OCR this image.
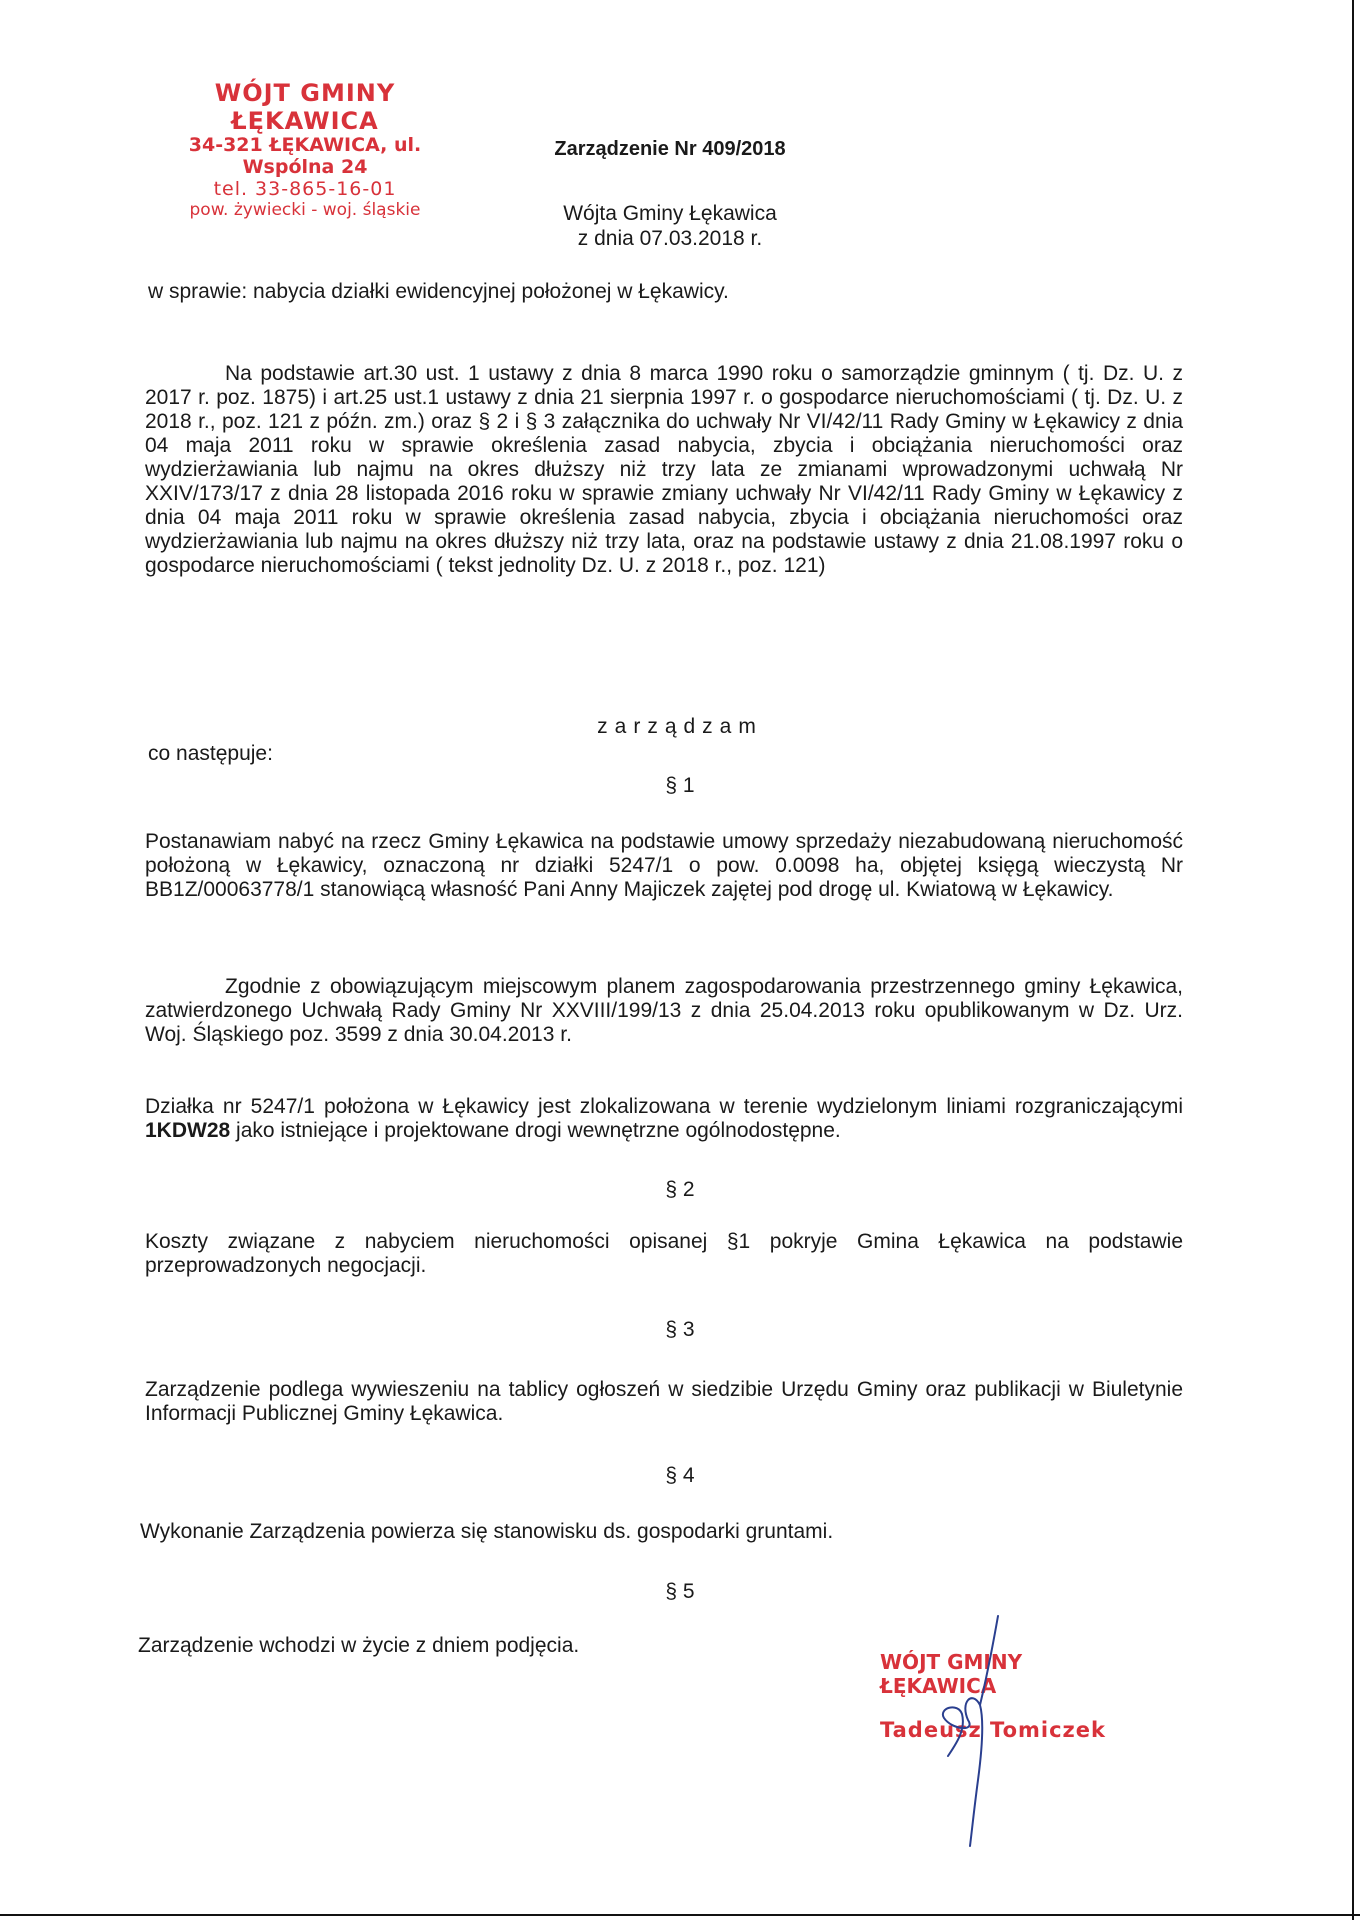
WÓJT GMINY ŁĘKAWICA
34-321 ŁĘKAWICA, ul. Wspólna 24
tel. 33-865-16-01
pow. żywiecki - woj. śląskie
Zarządzenie Nr 409/2018
Wójta Gminy Łękawica
z dnia 07.03.2018 r.
w sprawie: nabycia działki ewidencyjnej położonej w Łękawicy.
Na podstawie art.30 ust. 1 ustawy z dnia 8 marca 1990 roku o samorządzie gminnym ( tj. Dz. U. z 2017 r. poz. 1875) i art.25 ust.1 ustawy z dnia 21 sierpnia 1997 r. o gospodarce nieruchomościami ( tj. Dz. U. z 2018 r., poz. 121 z późn. zm.) oraz § 2 i § 3 załącznika do uchwały Nr VI/42/11 Rady Gminy w Łękawicy z dnia 04 maja 2011 roku w sprawie określenia zasad nabycia, zbycia i obciążania nieruchomości oraz wydzierżawiania lub najmu na okres dłuższy niż trzy lata ze zmianami wprowadzonymi uchwałą Nr XXIV/173/17 z dnia 28 listopada 2016 roku w sprawie zmiany uchwały Nr VI/42/11 Rady Gminy w Łękawicy z dnia 04 maja 2011 roku w sprawie określenia zasad nabycia, zbycia i obciążania nieruchomości oraz wydzierżawiania lub najmu na okres dłuższy niż trzy lata, oraz na podstawie ustawy z dnia 21.08.1997 roku o gospodarce nieruchomościami ( tekst jednolity Dz. U. z 2018 r., poz. 121)
zarządzam
co następuje:
§ 1
Postanawiam nabyć na rzecz Gminy Łękawica na podstawie umowy sprzedaży niezabudowaną nieruchomość położoną w Łękawicy, oznaczoną nr działki 5247/1 o pow. 0.0098 ha, objętej księgą wieczystą Nr BB1Z/00063778/1 stanowiącą własność Pani Anny Majiczek zajętej pod drogę ul. Kwiatową w Łękawicy.
Zgodnie z obowiązującym miejscowym planem zagospodarowania przestrzennego gminy Łękawica, zatwierdzonego Uchwałą Rady Gminy Nr XXVIII/199/13 z dnia 25.04.2013 roku opublikowanym w Dz. Urz. Woj. Śląskiego poz. 3599 z dnia 30.04.2013 r.
Działka nr 5247/1 położona w Łękawicy jest zlokalizowana w terenie wydzielonym liniami rozgraniczającymi 1KDW28 jako istniejące i projektowane drogi wewnętrzne ogólnodostępne.
§ 2
Koszty związane z nabyciem nieruchomości opisanej §1 pokryje Gmina Łękawica na podstawie przeprowadzonych negocjacji.
§ 3
Zarządzenie podlega wywieszeniu na tablicy ogłoszeń w siedzibie Urzędu Gminy oraz publikacji w Biuletynie Informacji Publicznej Gminy Łękawica.
§ 4
Wykonanie Zarządzenia powierza się stanowisku ds. gospodarki gruntami.
§ 5
Zarządzenie wchodzi w życie z dniem podjęcia.
WÓJT GMINY ŁĘKAWICA
Tadeusz Tomiczek
